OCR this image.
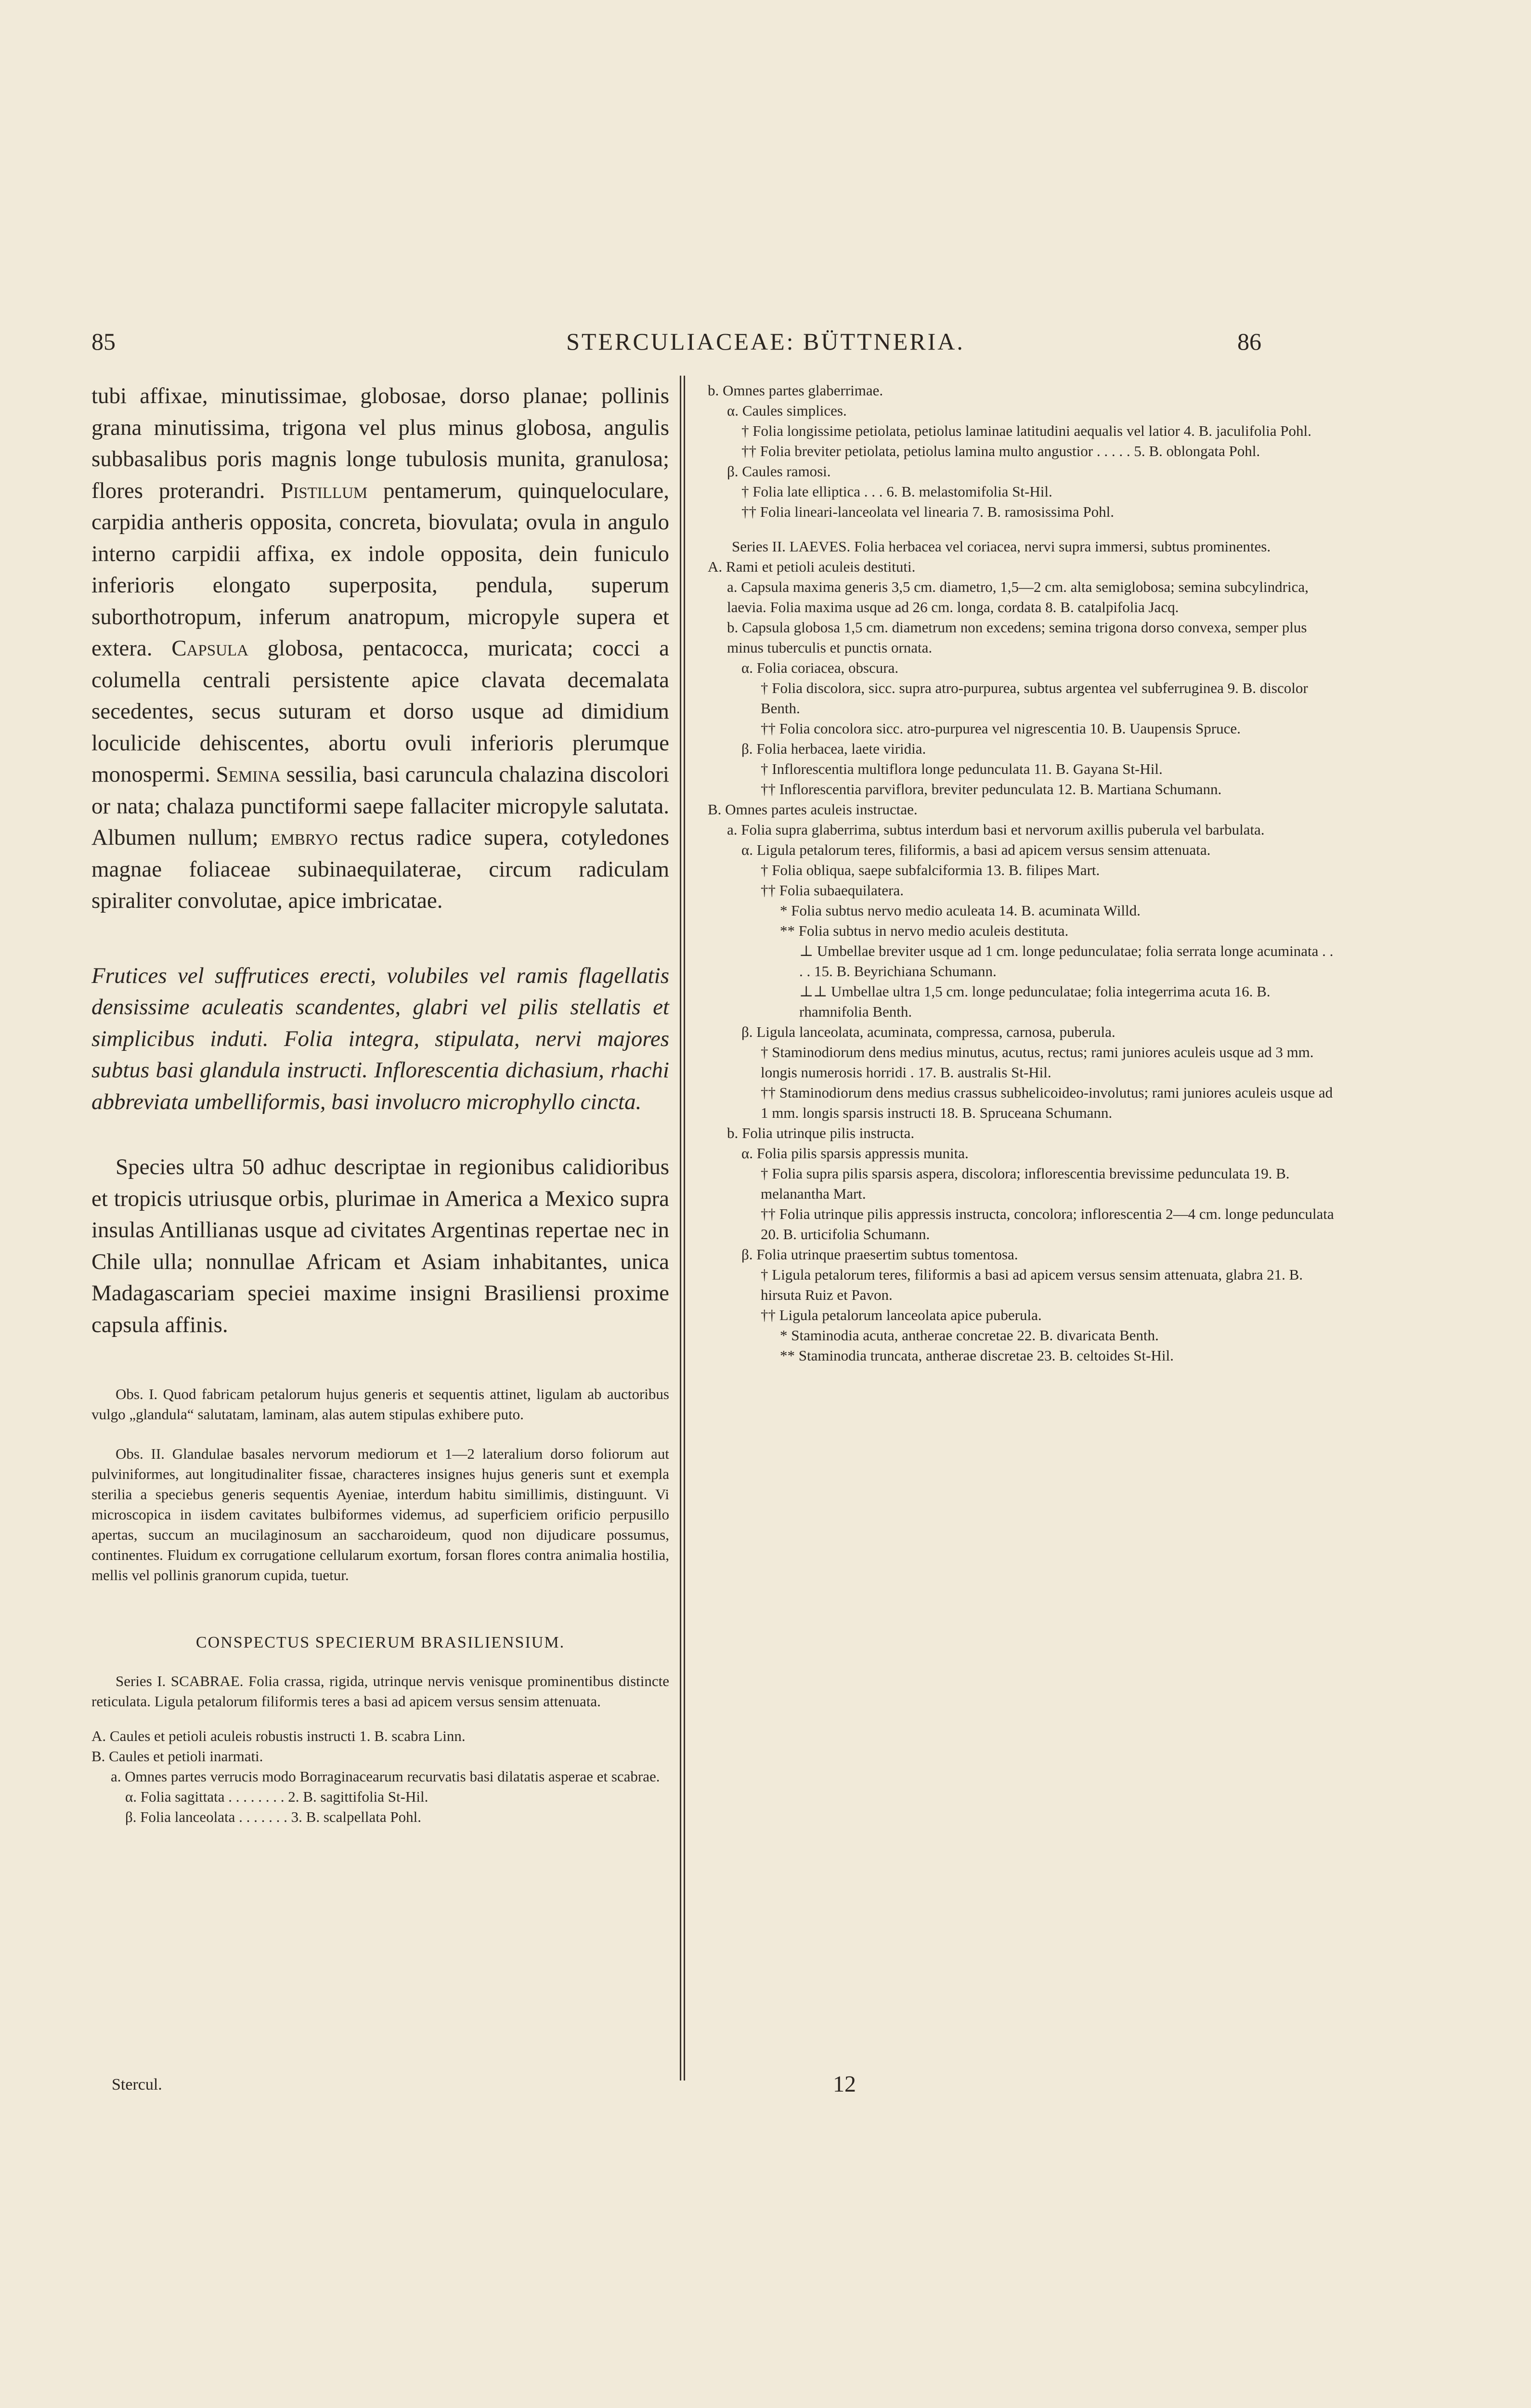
85	STERCULIACEAE: BÜTTNERIA.	86

tubi affixae, minutissimae, globosae, dorso planae; pollinis grana minutissima, trigona vel plus minus globosa, angulis subbasalibus poris magnis longe tubulosis munita, granulosa; flores proterandri. Pistillum pentamerum, quinqueloculare, carpidia antheris opposita, concreta, biovulata; ovula in angulo interno carpidii affixa, ex indole opposita, dein funiculo inferioris elongato superposita, pendula, superum suborthotropum, inferum anatropum, micropyle supera et extera. Capsula globosa, pentacocca, muricata; cocci a columella centrali persistente apice clavata decemalata secedentes, secus suturam et dorso usque ad dimidium loculicide dehiscentes, abortu ovuli inferioris plerumque monospermi. Semina sessilia, basi caruncula chalazina discolori or nata; chalaza punctiformi saepe fallaciter micropyle salutata. Albumen nullum; embryo rectus radice supera, cotyledones magnae foliaceae subinaequilaterae, circum radiculam spiraliter convolutae, apice imbricatae.

Frutices vel suffrutices erecti, volubiles vel ramis flagellatis densissime aculeatis scandentes, glabri vel pilis stellatis et simplicibus induti. Folia integra, stipulata, nervi majores subtus basi glandula instructi. Inflorescentia dichasium, rhachi abbreviata umbelliformis, basi involucro microphyllo cincta.
Species ultra 50 adhuc descriptae in regionibus calidioribus et tropicis utriusque orbis, plurimae in America a Mexico supra insulas Antillianas usque ad civitates Argentinas repertae nec in Chile ulla; nonnullae Africam et Asiam inhabitantes, unica Madagascariam speciei maxime insigni Brasiliensi proxime capsula affinis.
Obs. I. Quod fabricam petalorum hujus generis et sequentis attinet, ligulam ab auctoribus vulgo „glandula“ salutatam, laminam, alas autem stipulas exhibere puto.
Obs. II. Glandulae basales nervorum mediorum et 1—2 lateralium dorso foliorum aut pulviniformes, aut longitudinaliter fissae, characteres insignes hujus generis sunt et exempla sterilia a speciebus generis sequentis Ayeniae, interdum habitu simillimis, distinguunt. Vi microscopica in iisdem cavitates bulbiformes videmus, ad superficiem orificio perpusillo apertas, succum an mucilaginosum an saccharoideum, quod non dijudicare possumus, continentes. Fluidum ex corrugatione cellularum exortum, forsan flores contra animalia hostilia, mellis vel pollinis granorum cupida, tuetur.
CONSPECTUS SPECIERUM BRASILIENSIUM.
Series I. SCABRAE. Folia crassa, rigida, utrinque nervis venisque prominentibus distincte reticulata. Ligula petalorum filiformis teres a basi ad apicem versus sensim attenuata.

A. Caules et petioli aculeis robustis instructi 1. B. scabra Linn.

B. Caules et petioli inarmati.

a. Omnes partes verrucis modo Borraginacearum recurvatis basi dilatatis asperae et scabrae.

α. Folia sagittata . . . . . . . . 2. B. sagittifolia St-Hil.

β. Folia lanceolata . . . . . . . 3. B. scalpellata Pohl.

b. Omnes partes glaberrimae.

α. Caules simplices.

† Folia longissime petiolata, petiolus laminae latitudini aequalis vel latior 4. B. jaculifolia Pohl.

†† Folia breviter petiolata, petiolus lamina multo angustior . . . . . 5. B. oblongata Pohl.

β. Caules ramosi.

† Folia late elliptica . . . 6. B. melastomifolia St-Hil.

†† Folia lineari-lanceolata vel linearia 7. B. ramosissima Pohl.

Series II. LAEVES. Folia herbacea vel coriacea, nervi supra immersi, subtus prominentes.

A. Rami et petioli aculeis destituti.

a. Capsula maxima generis 3,5 cm. diametro, 1,5—2 cm. alta semiglobosa; semina subcylindrica, laevia. Folia maxima usque ad 26 cm. longa, cordata 8. B. catalpifolia Jacq.

b. Capsula globosa 1,5 cm. diametrum non excedens; semina trigona dorso convexa, semper plus minus tuberculis et punctis ornata.

α. Folia coriacea, obscura.

† Folia discolora, sicc. supra atro-purpurea, subtus argentea vel subferruginea 9. B. discolor Benth.

†† Folia concolora sicc. atro-purpurea vel nigrescentia 10. B. Uaupensis Spruce.

β. Folia herbacea, laete viridia.

† Inflorescentia multiflora longe pedunculata 11. B. Gayana St-Hil.

†† Inflorescentia parviflora, breviter pedunculata 12. B. Martiana Schumann.

B. Omnes partes aculeis instructae.

a. Folia supra glaberrima, subtus interdum basi et nervorum axillis puberula vel barbulata.

α. Ligula petalorum teres, filiformis, a basi ad apicem versus sensim attenuata.

† Folia obliqua, saepe subfalciformia 13. B. filipes Mart.

†† Folia subaequilatera.

* Folia subtus nervo medio aculeata 14. B. acuminata Willd.

** Folia subtus in nervo medio aculeis destituta.

⊥ Umbellae breviter usque ad 1 cm. longe pedunculatae; folia serrata longe acuminata . . . . 15. B. Beyrichiana Schumann.

⊥⊥ Umbellae ultra 1,5 cm. longe pedunculatae; folia integerrima acuta 16. B. rhamnifolia Benth.

β. Ligula lanceolata, acuminata, compressa, carnosa, puberula.

† Staminodiorum dens medius minutus, acutus, rectus; rami juniores aculeis usque ad 3 mm. longis numerosis horridi . 17. B. australis St-Hil.

†† Staminodiorum dens medius crassus subhelicoideo-involutus; rami juniores aculeis usque ad 1 mm. longis sparsis instructi 18. B. Spruceana Schumann.

b. Folia utrinque pilis instructa.

α. Folia pilis sparsis appressis munita.

† Folia supra pilis sparsis aspera, discolora; inflorescentia brevissime pedunculata 19. B. melanantha Mart.

†† Folia utrinque pilis appressis instructa, concolora; inflorescentia 2—4 cm. longe pedunculata 20. B. urticifolia Schumann.

β. Folia utrinque praesertim subtus tomentosa.

† Ligula petalorum teres, filiformis a basi ad apicem versus sensim attenuata, glabra 21. B. hirsuta Ruiz et Pavon.

†† Ligula petalorum lanceolata apice puberula.

* Staminodia acuta, antherae concretae 22. B. divaricata Benth.

** Staminodia truncata, antherae discretae 23. B. celtoides St-Hil.

Stercul.	12
